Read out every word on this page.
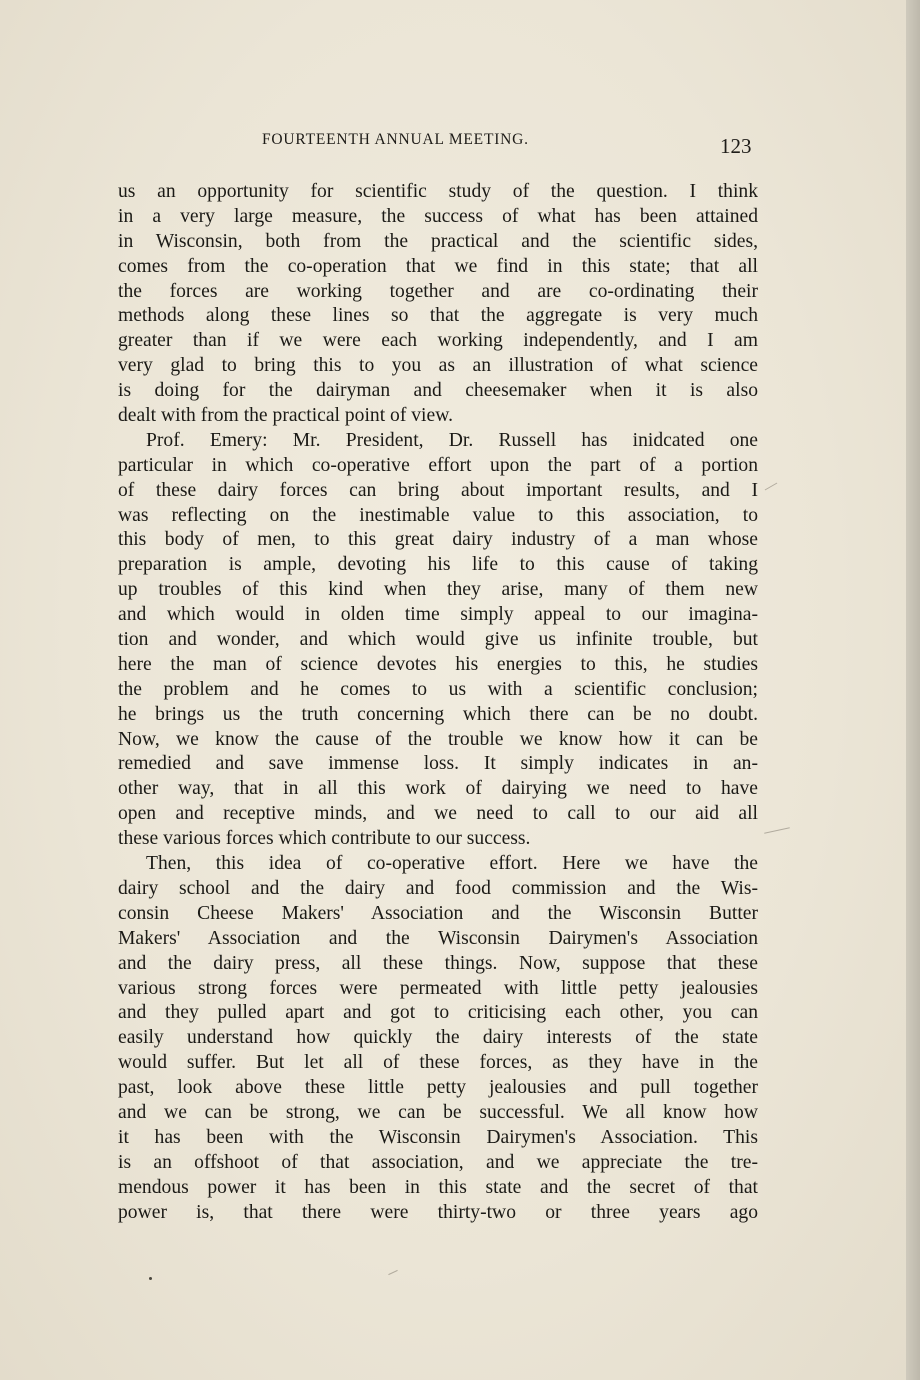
FOURTEENTH ANNUAL MEETING.	123
us an opportunity for scientific study of the question. I think
in a very large measure, the success of what has been attained
in Wisconsin, both from the practical and the scientific sides,
comes from the co-operation that we find in this state; that all
the forces are working together and are co-ordinating their
methods along these lines so that the aggregate is very much
greater than if we were each working independently, and I am
very glad to bring this to you as an illustration of what science
is doing for the dairyman and cheesemaker when it is also
dealt with from the practical point of view.
Prof. Emery: Mr. President, Dr. Russell has inidcated one
particular in which co-operative effort upon the part of a portion
of these dairy forces can bring about important results, and I
was reflecting on the inestimable value to this association, to
this body of men, to this great dairy industry of a man whose
preparation is ample, devoting his life to this cause of taking
up troubles of this kind when they arise, many of them new
and which would in olden time simply appeal to our imagina-
tion and wonder, and which would give us infinite trouble, but
here the man of science devotes his energies to this, he studies
the problem and he comes to us with a scientific conclusion;
he brings us the truth concerning which there can be no doubt.
Now, we know the cause of the trouble we know how it can be
remedied and save immense loss. It simply indicates in an-
other way, that in all this work of dairying we need to have
open and receptive minds, and we need to call to our aid all
these various forces which contribute to our success.
Then, this idea of co-operative effort. Here we have the
dairy school and the dairy and food commission and the Wis-
consin Cheese Makers' Association and the Wisconsin Butter
Makers' Association and the Wisconsin Dairymen's Association
and the dairy press, all these things. Now, suppose that these
various strong forces were permeated with little petty jealousies
and they pulled apart and got to criticising each other, you can
easily understand how quickly the dairy interests of the state
would suffer. But let all of these forces, as they have in the
past, look above these little petty jealousies and pull together
and we can be strong, we can be successful. We all know how
it has been with the Wisconsin Dairymen's Association. This
is an offshoot of that association, and we appreciate the tre-
mendous power it has been in this state and the secret of that
power is, that there were thirty-two or three years ago
